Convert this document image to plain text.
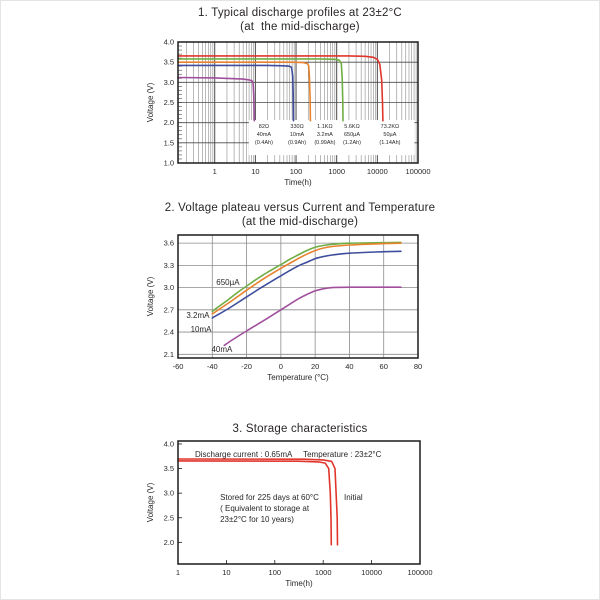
1	10	100	1000	10000 100000
1.0
1.5
2.0
2.5
3.0
3.5
4.0
Time(h)
Voltage (V)
82Ω
40mA
(0.4Ah)
330Ω
10mA
(0.9Ah)
1.1KΩ
3.2mA
(0.99Ah)
5.6KΩ
650µA
(1.2Ah)
73.2KΩ
50µA
(1.14Ah)
1. Typical discharge profiles at 23±2°C
(at  the mid-discharge)
-60	-40	-20	0	20	40	60	80
2.1
2.4
2.7
3.0
3.3
3.6
Temperature (°C)
Voltage (V)	650µA
3.2mA
10mA
40mA
2. Voltage plateau versus Current and Temperature
(at the mid-discharge)
1	10	100	1000	10000	100000
2.0
2.5
3.0
3.5
4.0
Time(h)
Voltage (V)
Discharge current : 0.65mA Temperature : 23±2°C
Stored for 225 days at 60°C
( Equivalent to storage at
23±2°C for 10 years)
Initial
3. Storage characteristics
